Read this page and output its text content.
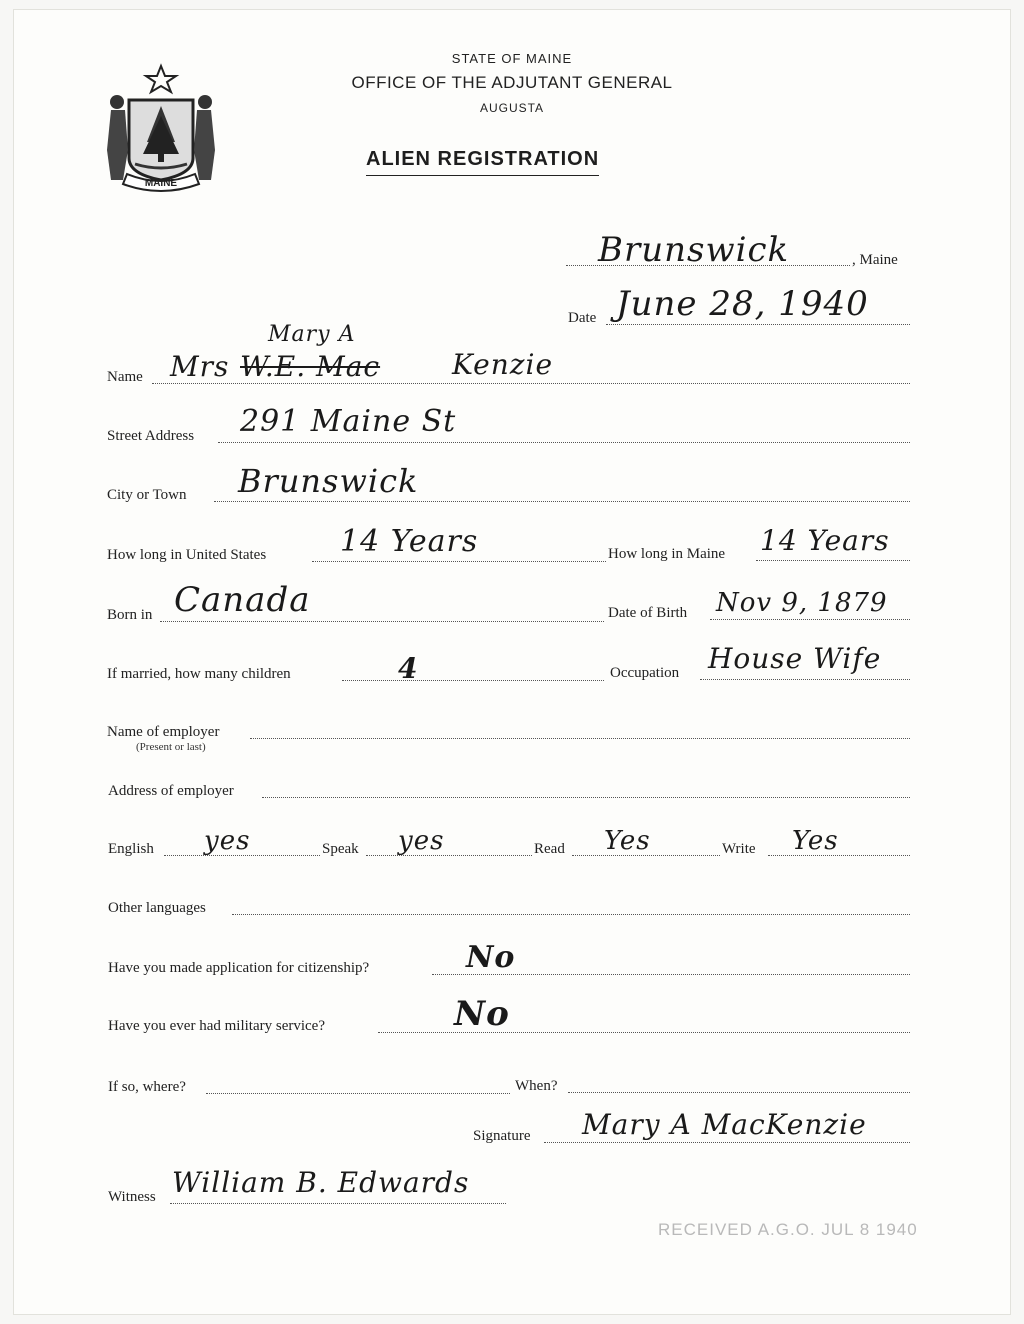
MAINE
STATE OF MAINE
OFFICE OF THE ADJUTANT GENERAL
AUGUSTA
ALIEN REGISTRATION
Brunswick	, Maine
Date June 28, 1940
Name
Mary A
Mrs W.E. Mac	Kenzie
Street Address 291 Maine St
City or Town Brunswick
How long in United States 14 Years	How long in Maine 14 Years
Born in Canada	Date of Birth Nov 9, 1879
If married, how many children	4	Occupation House Wife
Name of employer
(Present or last)
Address of employer
English yes	Speak yes	Read Yes	Write Yes
Other languages
Have you made application for citizenship?	No
Have you ever had military service?	No
If so, where?	When?
Signature Mary A MacKenzie
Witness William B. Edwards
RECEIVED A.G.O. JUL 8 1940
